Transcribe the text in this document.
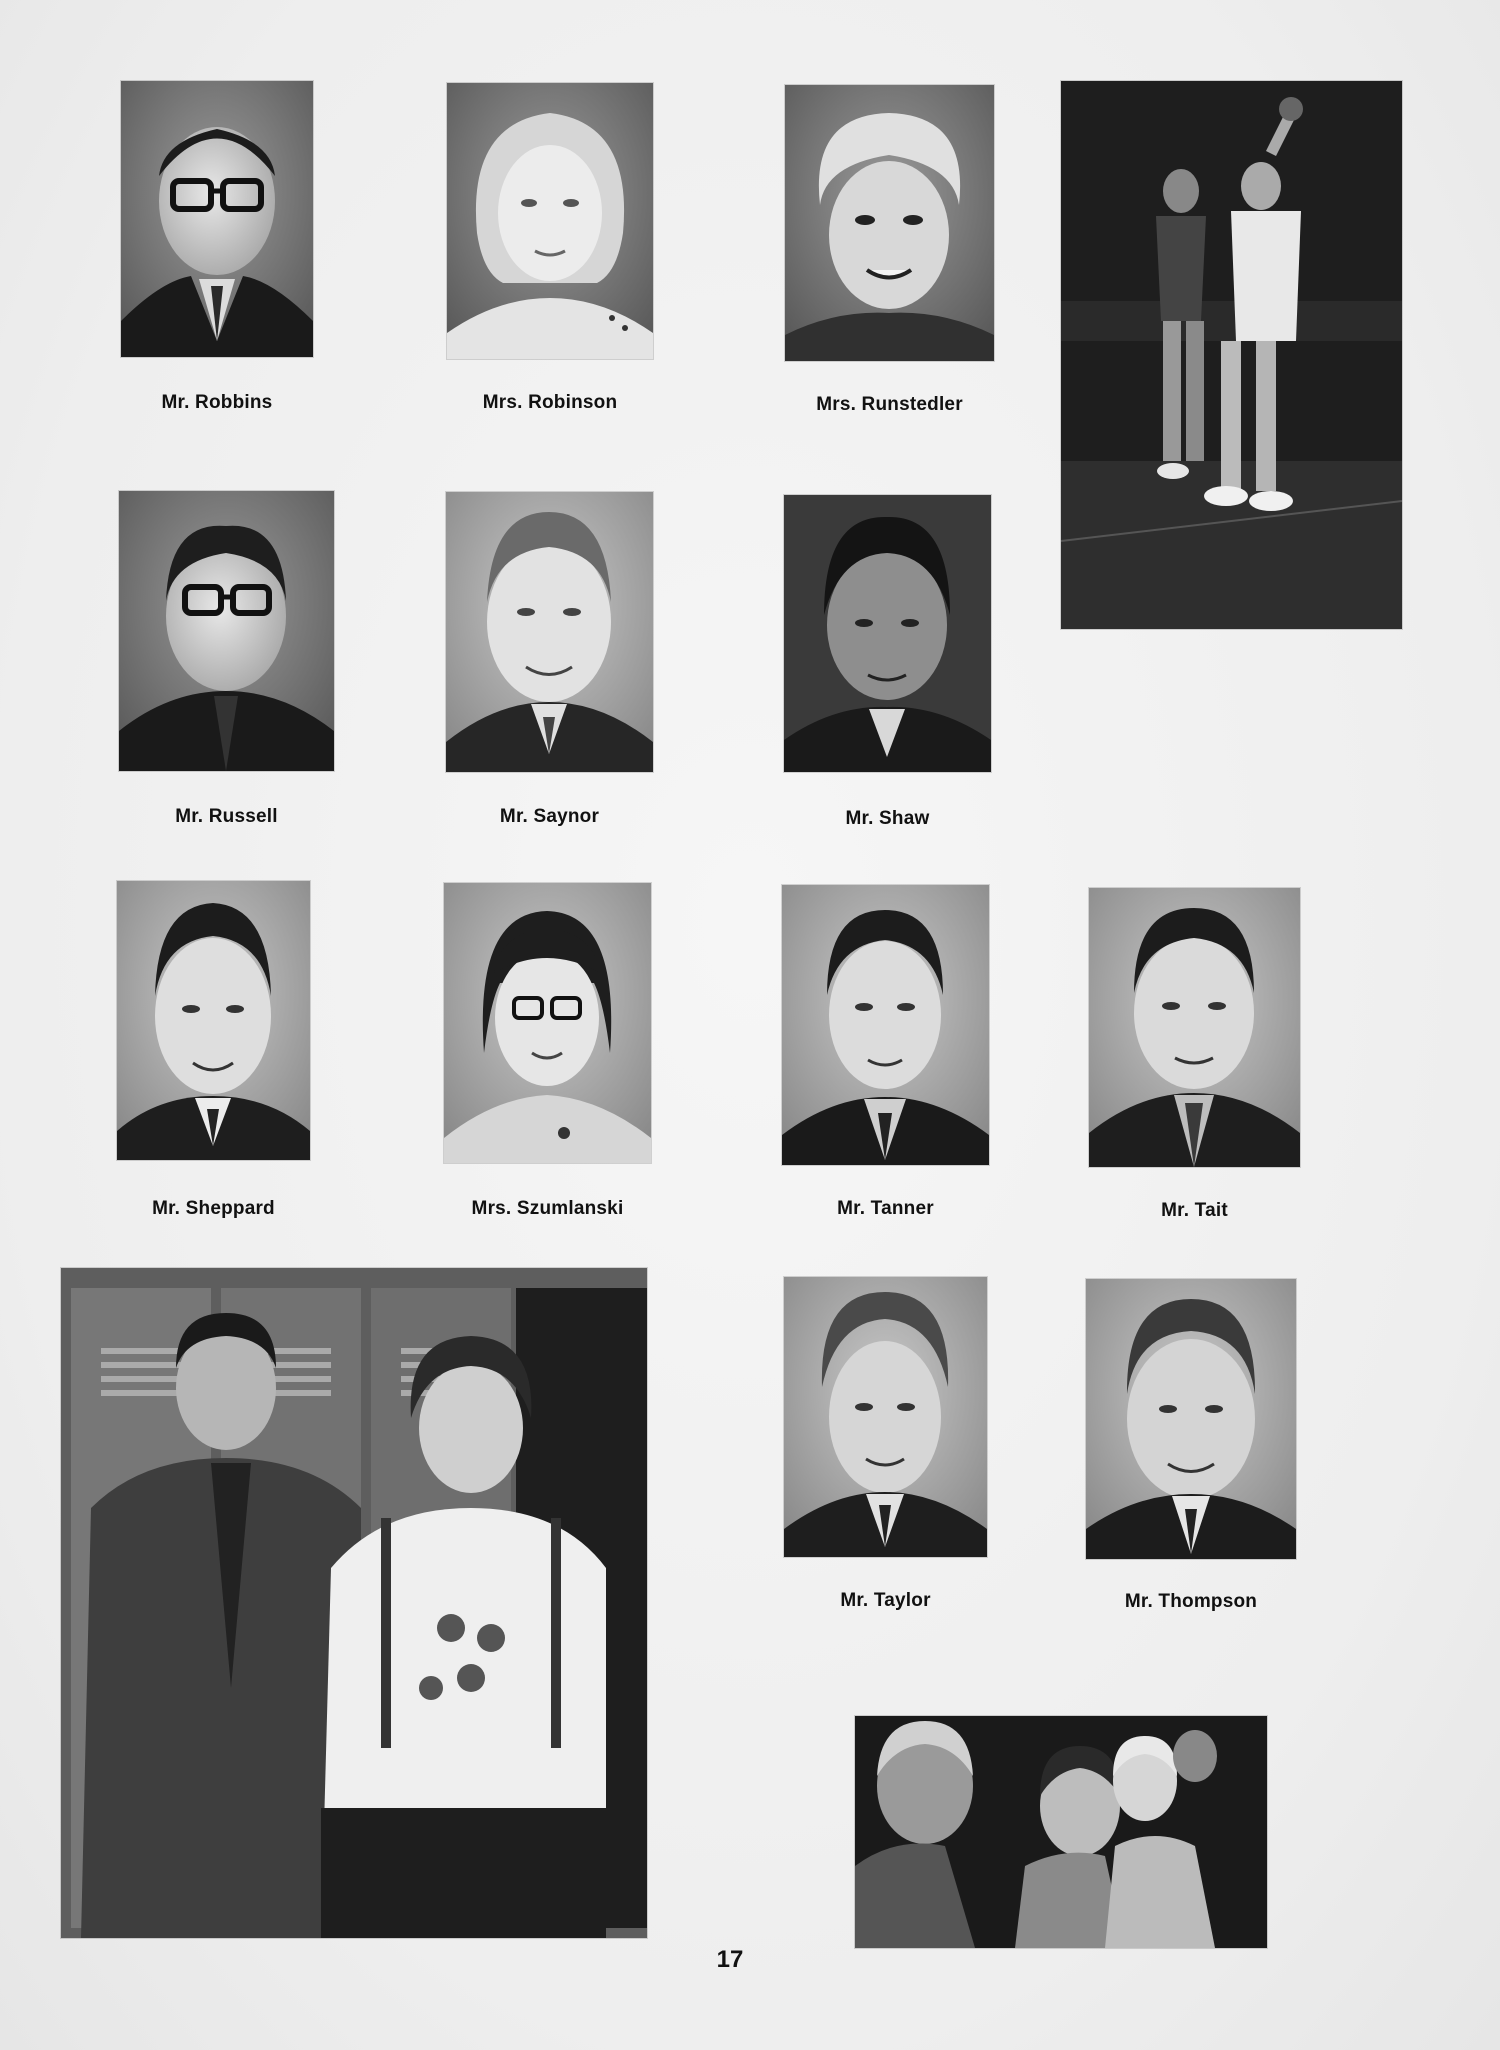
Mr. Robbins	Mrs. Robinson	Mrs. Runstedler
Mr. Russell	Mr. Saynor	Mr. Shaw
Mr. Sheppard	Mrs. Szumlanski	Mr. Tanner	Mr. Tait
Mr. Taylor	Mr. Thompson
17
